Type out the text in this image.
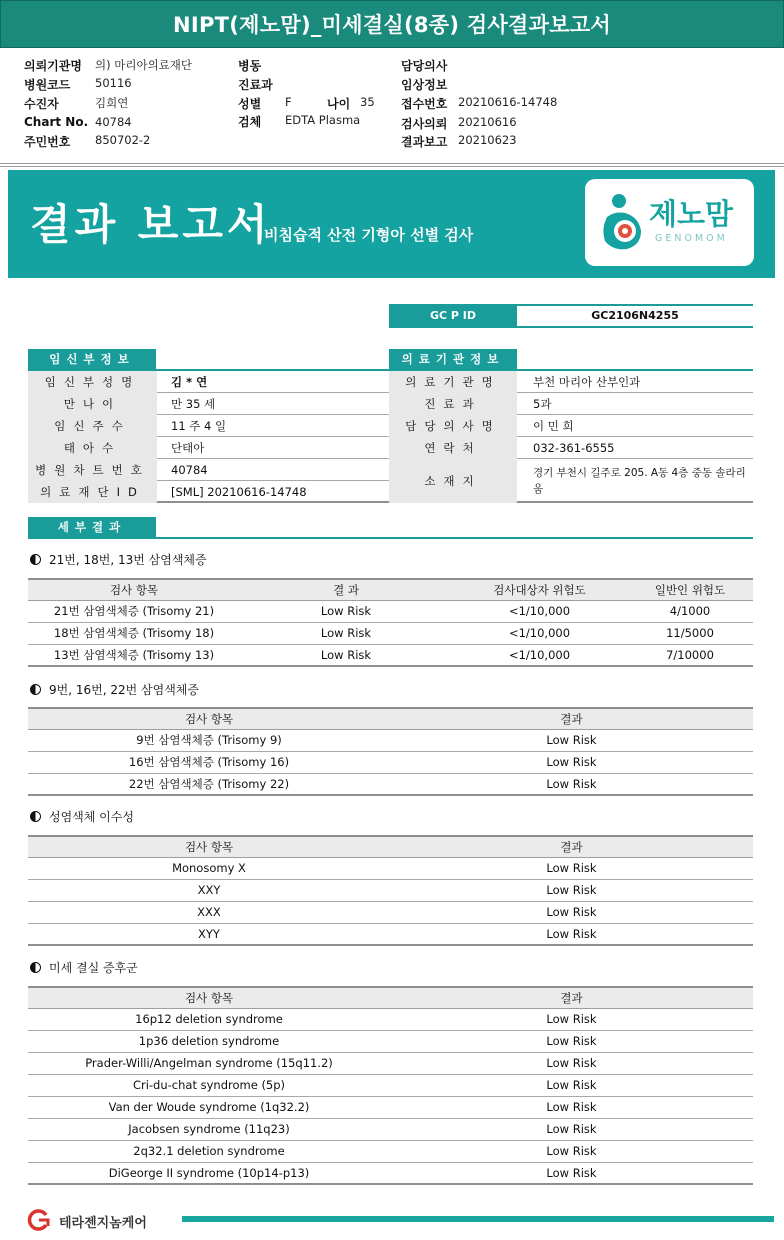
NIPT(제노맘)_미세결실(8종) 검사결과보고서
의뢰기관명 의) 마리아의료재단
병원코드 50116
수진자	김희연
Chart No. 40784
주민번호 850702-2
병동
진료과
성별 F	나이 35
검체 EDTA Plasma
담당의사
임상정보
접수번호 20210616-14748
검사의뢰 20210616
결과보고 20210623
결과 보고서
비침습적 산전 기형아 선별 검사
제노맘
GENOMOM
GC P ID	GC2106N4255
임신부정보
임신부성명	김 * 연
만나이	만 35 세
임신주수	11 주 4 일
태아수	단태아
병원차트번호	40784
의료재단ID	[SML] 20210616-14748
의료기관정보
의료기관명	부천 마리아 산부인과
진료과	5과
담당의사명	이 민 희
연락처	032-361-6555
소재지
경기 부천시 길주로 205. A동 4층 중동 솔라리움
세부결과
21번, 18번, 13번 삼염색체증
검사 항목	결 과	검사대상자 위험도	일반인 위험도
21번 삼염색체증 (Trisomy 21)	Low Risk	<1/10,000	4/1000
18번 삼염색체증 (Trisomy 18)	Low Risk	<1/10,000	11/5000
13번 삼염색체증 (Trisomy 13)	Low Risk	<1/10,000	7/10000
9번, 16번, 22번 삼염색체증
검사 항목	결과
9번 삼염색체증 (Trisomy 9)	Low Risk
16번 삼염색체증 (Trisomy 16)	Low Risk
22번 삼염색체증 (Trisomy 22)	Low Risk
성염색체 이수성
검사 항목	결과
Monosomy X	Low Risk
XXY	Low Risk
XXX	Low Risk
XYY	Low Risk
미세 결실 증후군
검사 항목	결과
16p12 deletion syndrome	Low Risk
1p36 deletion syndrome	Low Risk
Prader-Willi/Angelman syndrome (15q11.2)	Low Risk
Cri-du-chat syndrome (5p)	Low Risk
Van der Woude syndrome (1q32.2)	Low Risk
Jacobsen syndrome (11q23)	Low Risk
2q32.1 deletion syndrome	Low Risk
DiGeorge II syndrome (10p14-p13)	Low Risk
테라젠지놈케어
